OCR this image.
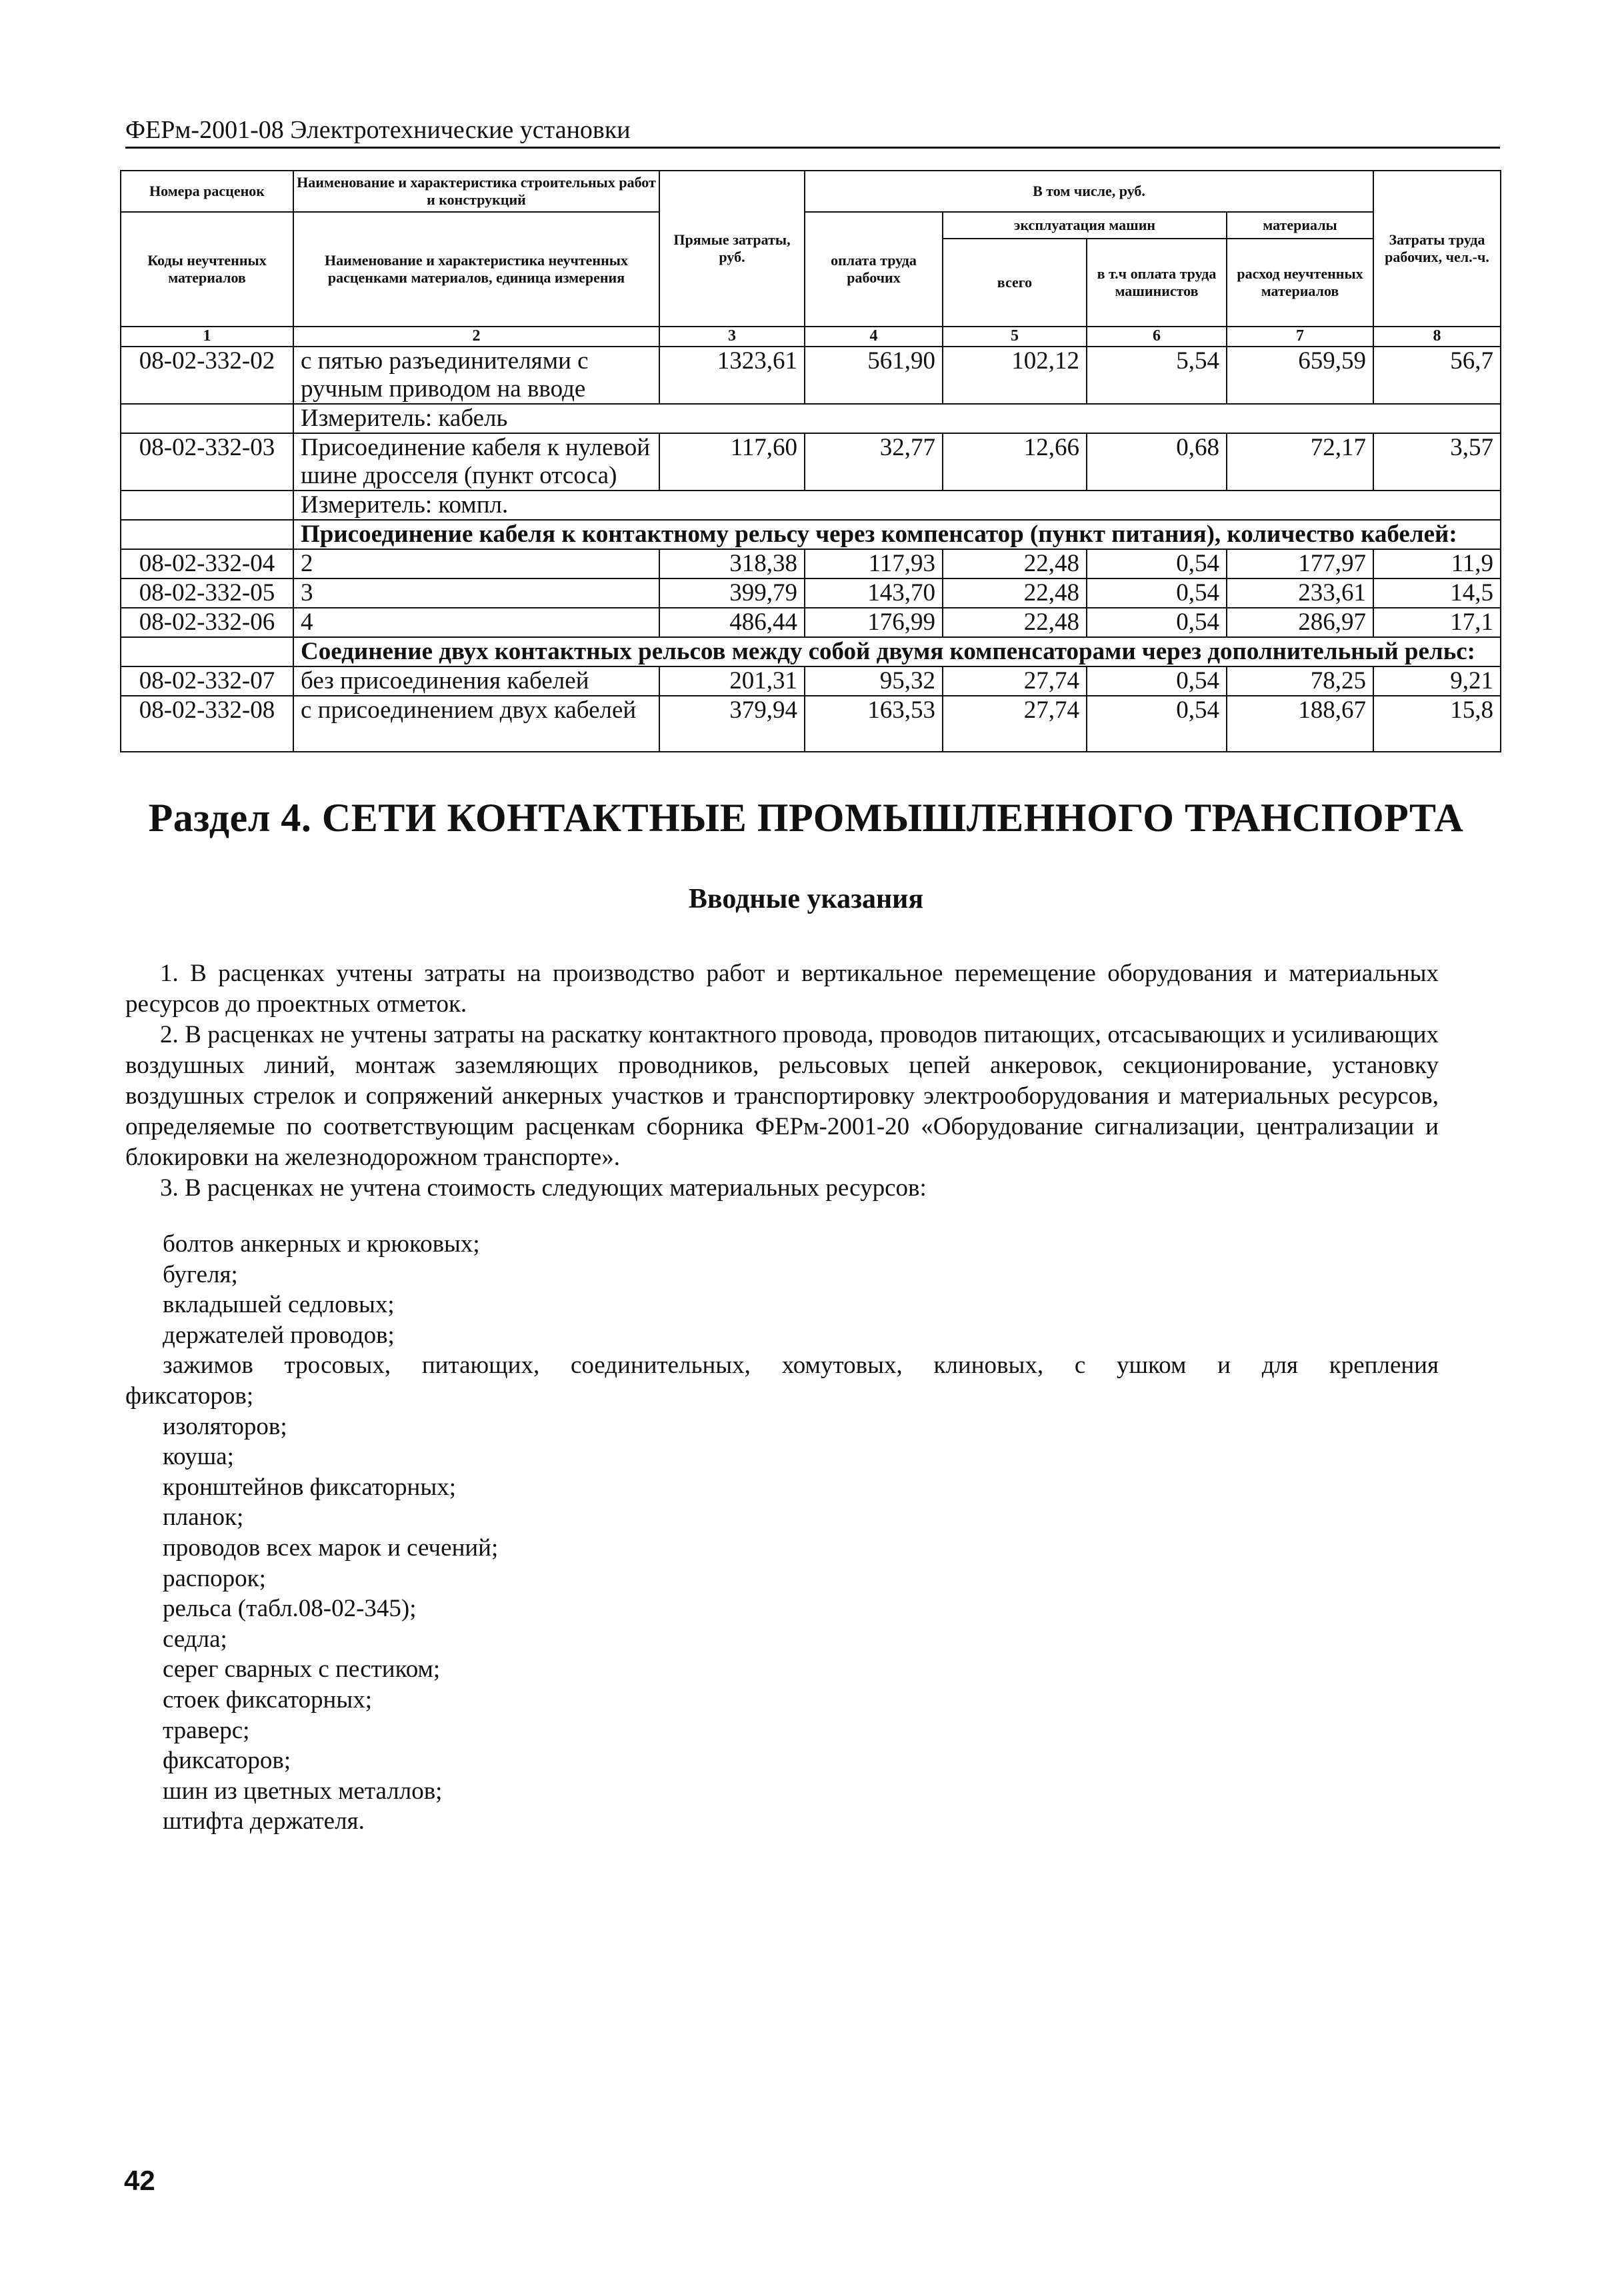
ФЕРм-2001-08 Электротехнические установки
Номера расценок	Наименование и характеристика строительных работ и конструкций	Прямые затраты, руб.	В том числе, руб.				Затраты труда рабочих, чел.-ч.
Коды неучтенных материалов	Наименование и характеристика неучтенных расценками материалов, единица измерения		оплата труда рабочих	эксплуатация машин		материалы	
				всего	в т.ч оплата труда машинистов	расход неучтенных материалов	

1	2	3	4	5	6	7	8
08-02-332-02	с пятью разъединителями с ручным приводом на вводе	1323,61	561,90	102,12	5,54	659,59	56,7
	Измеритель: кабель						
08-02-332-03	Присоединение кабеля к нулевой шине дросселя (пункт отсоса)	117,60	32,77	12,66	0,68	72,17	3,57
	Измеритель: компл.						
	Присоединение кабеля к контактному рельсу через компенсатор (пункт питания), количество кабелей:						
08-02-332-04	2	318,38	117,93	22,48	0,54	177,97	11,9
08-02-332-05	3	399,79	143,70	22,48	0,54	233,61	14,5
08-02-332-06	4	486,44	176,99	22,48	0,54	286,97	17,1
	Соединение двух контактных рельсов между собой двумя компенсаторами через дополнительный рельс:						
08-02-332-07	без присоединения кабелей	201,31	95,32	27,74	0,54	78,25	9,21
08-02-332-08	с присоединением двух кабелей	379,94	163,53	27,74	0,54	188,67	15,8
Раздел 4. СЕТИ КОНТАКТНЫЕ ПРОМЫШЛЕННОГО ТРАНСПОРТА
Вводные указания
1. В расценках учтены затраты на производство работ и вертикальное перемещение оборудования и материальных ресурсов до проектных отметок.
2. В расценках не учтены затраты на раскатку контактного провода, проводов питающих, отсасывающих и усиливающих воздушных линий, монтаж заземляющих проводников, рельсовых цепей анкеровок, секционирование, установку воздушных стрелок и сопряжений анкерных участков и транспортировку электрооборудования и материальных ресурсов, определяемые по соответствующим расценкам сборника ФЕРм-2001-20 «Оборудование сигнализации, централизации и блокировки на железнодорожном транспорте».
3. В расценках не учтена стоимость следующих материальных ресурсов:
болтов анкерных и крюковых;
бугеля;
вкладышей седловых;
держателей проводов;
зажимов тросовых, питающих, соединительных, хомутовых, клиновых, с ушком и для крепления
фиксаторов;
изоляторов;
коуша;
кронштейнов фиксаторных;
планок;
проводов всех марок и сечений;
распорок;
рельса (табл.08-02-345);
седла;
серег сварных с пестиком;
стоек фиксаторных;
траверс;
фиксаторов;
шин из цветных металлов;
штифта держателя.
42
